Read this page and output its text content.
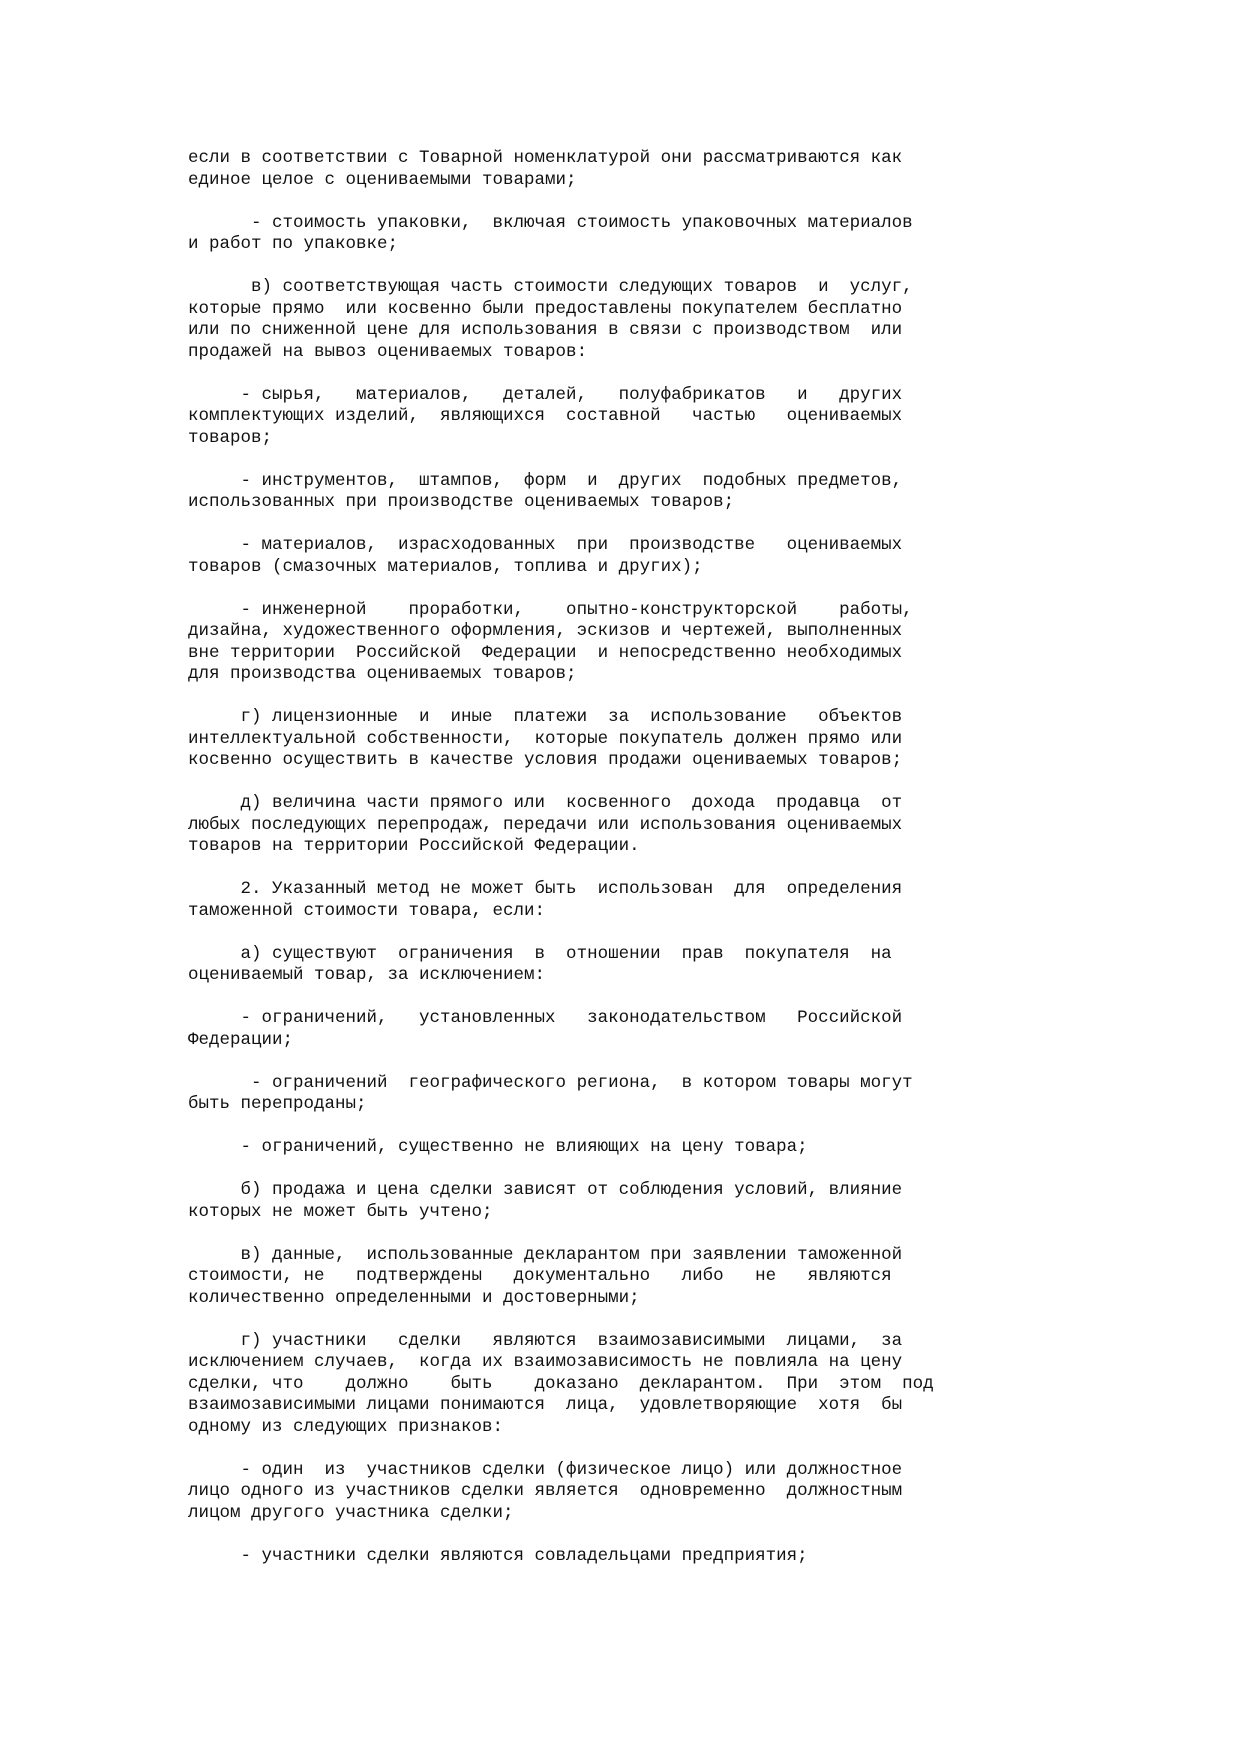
если в соответствии с Товарной номенклатурой они рассматриваются как
единое целое с оцениваемыми товарами;
- стоимость упаковки,  включая стоимость упаковочных материалов
и работ по упаковке;
в) соответствующая часть стоимости следующих товаров  и  услуг,
которые прямо  или косвенно были предоставлены покупателем бесплатно
или по сниженной цене для использования в связи с производством  или
продажей на вывоз оцениваемых товаров:
- сырья,   материалов,   деталей,   полуфабрикатов   и   других
комплектующих изделий,  являющихся  составной   частью   оцениваемых
товаров;
- инструментов,  штампов,  форм  и  других  подобных предметов,
использованных при производстве оцениваемых товаров;
- материалов,  израсходованных  при  производстве   оцениваемых
товаров (смазочных материалов, топлива и других);
- инженерной    проработки,    опытно-конструкторской    работы,
дизайна, художественного оформления, эскизов и чертежей, выполненных
вне территории  Российской  Федерации  и непосредственно необходимых
для производства оцениваемых товаров;
г) лицензионные  и  иные  платежи  за  использование   объектов
интеллектуальной собственности,  которые покупатель должен прямо или
косвенно осуществить в качестве условия продажи оцениваемых товаров;
д) величина части прямого или  косвенного  дохода  продавца  от
любых последующих перепродаж, передачи или использования оцениваемых
товаров на территории Российской Федерации.
2. Указанный метод не может быть  использован  для  определения
таможенной стоимости товара, если:
а) существуют  ограничения  в  отношении  прав  покупателя  на
оцениваемый товар, за исключением:
- ограничений,   установленных   законодательством   Российской
Федерации;
- ограничений  географического региона,  в котором товары могут
быть перепроданы;
- ограничений, существенно не влияющих на цену товара;
б) продажа и цена сделки зависят от соблюдения условий, влияние
которых не может быть учтено;
в) данные,  использованные декларантом при заявлении таможенной
стоимости, не   подтверждены   документально   либо   не   являются
количественно определенными и достоверными;
г) участники   сделки   являются  взаимозависимыми  лицами,  за
исключением случаев,  когда их взаимозависимость не повлияла на цену
сделки, что    должно    быть    доказано  декларантом.  При  этом  под
взаимозависимыми лицами понимаются  лица,  удовлетворяющие  хотя  бы
одному из следующих признаков:
- один  из  участников сделки (физическое лицо) или должностное
лицо одного из участников сделки является  одновременно  должностным
лицом другого участника сделки;
- участники сделки являются совладельцами предприятия;
